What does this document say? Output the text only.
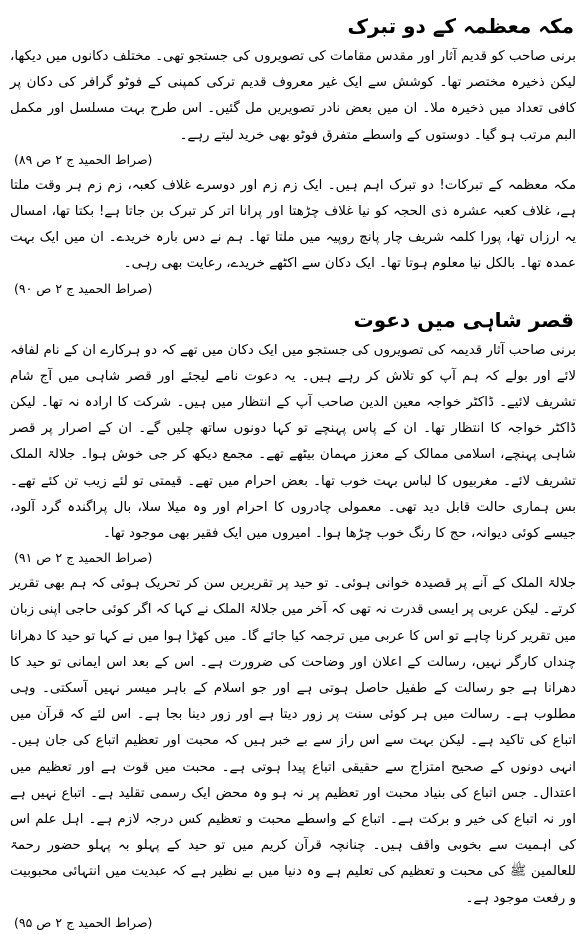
مکہ معظمہ کے دو تبرک

برنی صاحب کو قدیم آثار اور مقدس مقامات کی تصویروں کی جستجو تھی۔ مختلف دکانوں میں دیکھا، لیکن ذخیرہ مختصر تھا۔ کوشش سے ایک غیر معروف قدیم ترکی کمپنی کے فوٹو گرافر کی دکان پر کافی تعداد میں ذخیرہ ملا۔ ان میں بعض نادر تصویریں مل گئیں۔ اس طرح بہت مسلسل اور مکمل البم مرتب ہو گیا۔ دوستوں کے واسطے متفرق فوٹو بھی خرید لیتے رہے۔

(صراط الحمید ج ۲ ص ۸۹)

مکہ معظمہ کے تبرکات! دو تبرک اہم ہیں۔ ایک زم زم اور دوسرے غلاف کعبہ، زم زم ہر وقت ملتا ہے، غلاف کعبہ عشرہ ذی الحجہ کو نیا غلاف چڑھتا اور پرانا اتر کر تبرک بن جاتا ہے! بکتا تھا، امسال یہ ارزاں تھا، پورا کلمہ شریف چار پانچ روپیہ میں ملتا تھا۔ ہم نے دس بارہ خریدے۔ ان میں ایک بہت عمدہ تھا۔ بالکل نیا معلوم ہوتا تھا۔ ایک دکان سے اکٹھے خریدے، رعایت بھی رہی۔

(صراط الحمید ج ۲ ص ۹۰)
قصر شاہی میں دعوت

برنی صاحب آثار قدیمہ کی تصویروں کی جستجو میں ایک دکان میں تھے کہ دو ہرکارے ان کے نام لفافہ لائے اور بولے کہ ہم آپ کو تلاش کر رہے ہیں۔ یہ دعوت نامے لیجئے اور قصر شاہی میں آج شام تشریف لائیے۔ ڈاکٹر خواجہ معین الدین صاحب آپ کے انتظار میں ہیں۔ شرکت کا ارادہ نہ تھا۔ لیکن ڈاکٹر خواجہ کا انتظار تھا۔ ان کے پاس پہنچے تو کہا دونوں ساتھ چلیں گے۔ ان کے اصرار پر قصر شاہی پہنچے، اسلامی ممالک کے معزز مہمان بیٹھے تھے۔ مجمع دیکھ کر جی خوش ہوا۔ جلالۃ الملک تشریف لائے۔ مغربیوں کا لباس بہت خوب تھا۔ بعض احرام میں تھے۔ قیمتی تو لئے زیب تن کئے تھے۔ بس ہماری حالت قابل دید تھی۔ معمولی چادروں کا احرام اور وہ میلا سلا، بال پراگندہ گرد آلود، جیسے کوئی دیوانہ، حج کا رنگ خوب چڑھا ہوا۔ امیروں میں ایک فقیر بھی موجود تھا۔

(صراط الحمید ج ۲ ص ۹۱)

جلالۃ الملک کے آنے پر قصیدہ خوانی ہوئی۔ تو حید پر تقریریں سن کر تحریک ہوئی کہ ہم بھی تقریر کرتے۔ لیکن عربی پر ایسی قدرت نہ تھی کہ آخر میں جلالۃ الملک نے کہا کہ اگر کوئی حاجی اپنی زبان میں تقریر کرنا چاہے تو اس کا عربی میں ترجمہ کیا جائے گا۔ میں کھڑا ہوا میں نے کہا تو حید کا دھرانا چنداں کارگر نہیں، رسالت کے اعلان اور وضاحت کی ضرورت ہے۔ اس کے بعد اس ایمانی تو حید کا دھرانا ہے جو رسالت کے طفیل حاصل ہوتی ہے اور جو اسلام کے باہر میسر نہیں آسکتی۔ وہی مطلوب ہے۔ رسالت میں ہر کوئی سنت پر زور دیتا ہے اور زور دینا بجا ہے۔ اس لئے کہ قرآن میں اتباع کی تاکید ہے۔ لیکن بہت سے اس راز سے بے خبر ہیں کہ محبت اور تعظیم اتباع کی جان ہیں۔ انہی دونوں کے صحیح امتزاج سے حقیقی اتباع پیدا ہوتی ہے۔ محبت میں قوت ہے اور تعظیم میں اعتدال۔ جس اتباع کی بنیاد محبت اور تعظیم پر نہ ہو وہ محض ایک رسمی تقلید ہے۔ اتباع نہیں ہے اور نہ اتباع کی خیر و برکت ہے۔ اتباع کے واسطے محبت و تعظیم کس درجہ لازم ہے۔ اہل علم اس کی اہمیت سے بخوبی واقف ہیں۔ چنانچہ قرآن کریم میں تو حید کے پہلو بہ پہلو حضور رحمۃ للعالمین ﷺ کی محبت و تعظیم کی تعلیم ہے وہ دنیا میں بے نظیر ہے کہ عبدیت میں انتہائی محبوبیت و رفعت موجود ہے۔

(صراط الحمید ج ۲ ص ۹۵)
